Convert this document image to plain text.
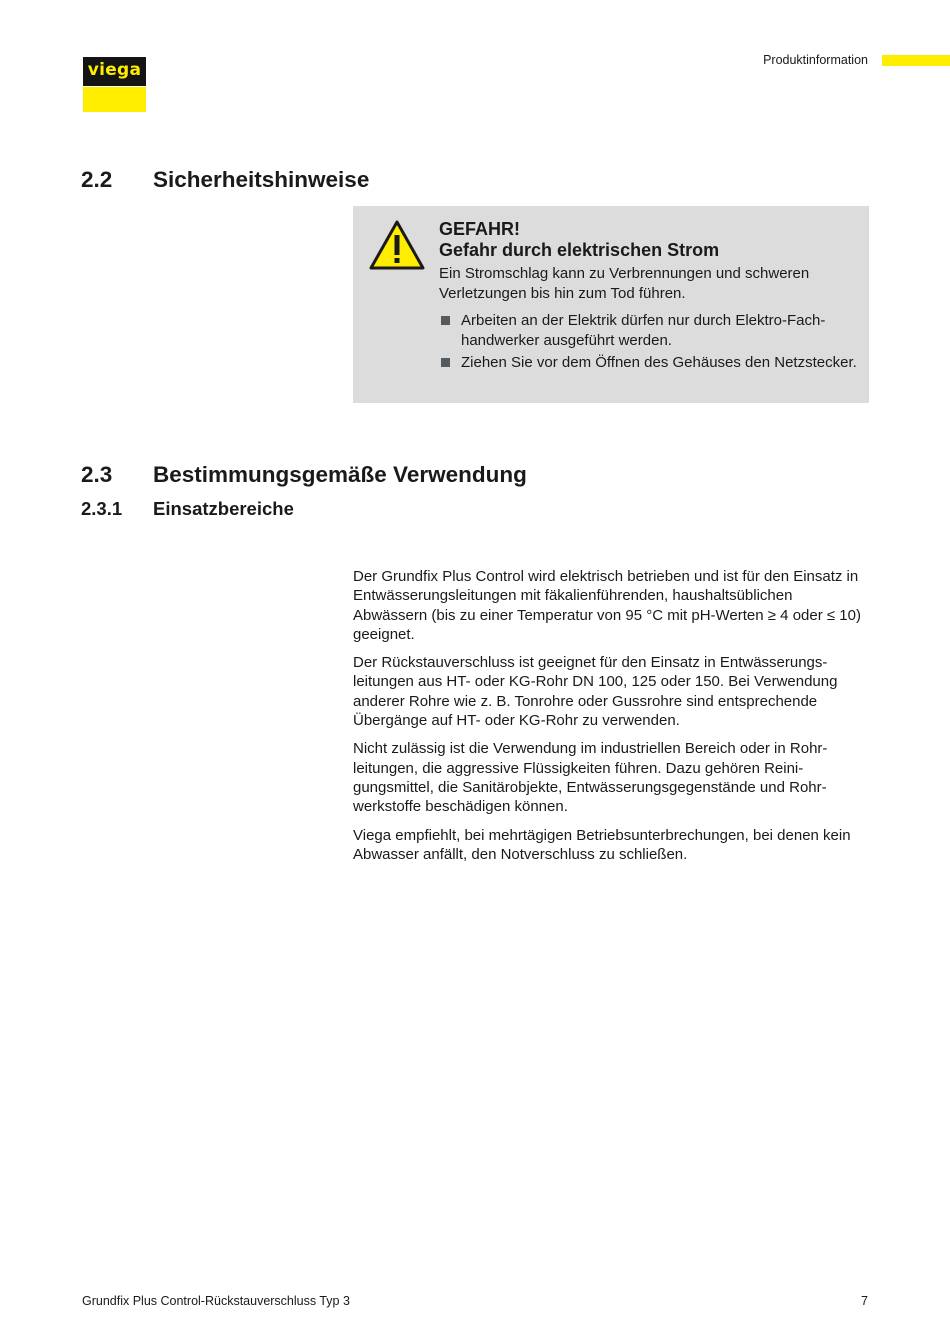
viega	Produktinformation
2.2 Sicherheitshinweise
GEFAHR!
Gefahr durch elektrischen Strom
Ein Stromschlag kann zu Verbrennungen und schweren Verletzungen bis hin zum Tod führen.
Arbeiten an der Elektrik dürfen nur durch Elektro-Fachhandwerker ausgeführt werden.
Ziehen Sie vor dem Öffnen des Gehäuses den Netzstecker.
2.3 Bestimmungsgemäße Verwendung
2.3.1 Einsatzbereiche

Der Grundfix Plus Control wird elektrisch betrieben und ist für den Einsatz in Entwässerungsleitungen mit fäkalienführenden, haushaltsüblichen Abwässern (bis zu einer Temperatur von 95 °C mit pH-Werten ≥ 4 oder ≤ 10) geeignet.

Der Rückstauverschluss ist geeignet für den Einsatz in Entwässerungsleitungen aus HT- oder KG-Rohr DN 100, 125 oder 150. Bei Verwendung anderer Rohre wie z. B. Tonrohre oder Gussrohre sind entsprechende Übergänge auf HT- oder KG-Rohr zu verwenden.

Nicht zulässig ist die Verwendung im industriellen Bereich oder in Rohrleitungen, die aggressive Flüssigkeiten führen. Dazu gehören Reinigungsmittel, die Sanitärobjekte, Entwässerungsgegenstände und Rohrwerkstoffe beschädigen können.

Viega empfiehlt, bei mehrtägigen Betriebsunterbrechungen, bei denen kein Abwasser anfällt, den Notverschluss zu schließen.

Grundfix Plus Control-Rückstauverschluss Typ 3	7
